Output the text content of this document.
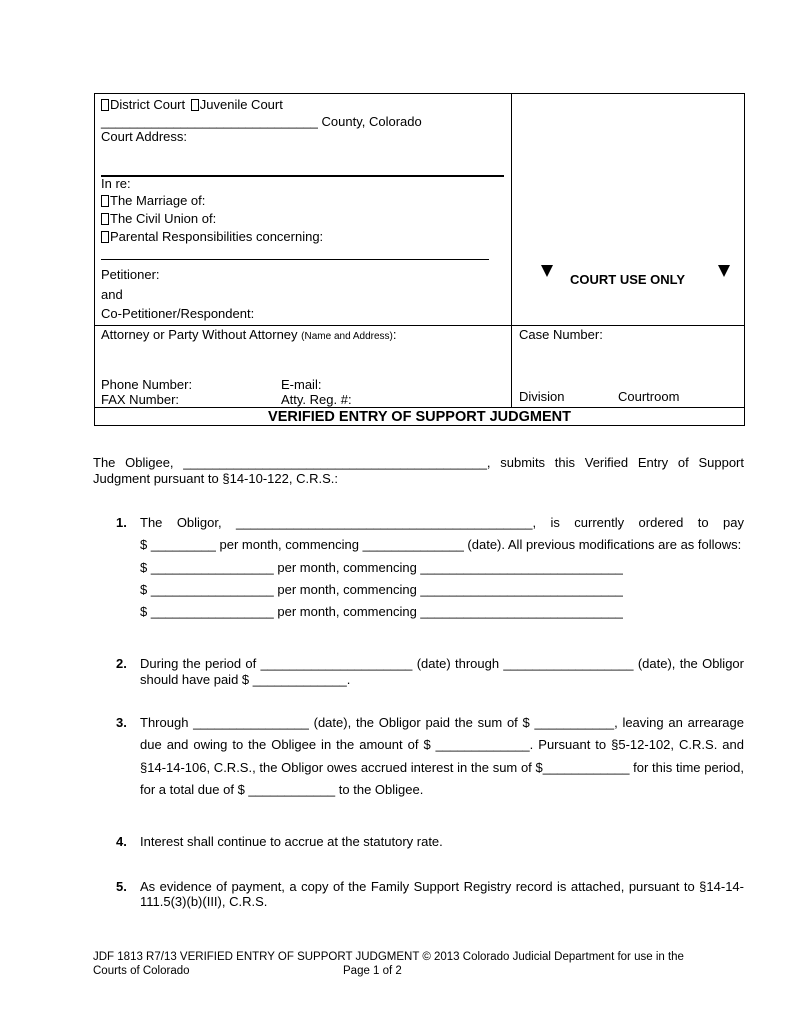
District Court Juvenile Court
______________________________ County, Colorado
Court Address:
In re:
The Marriage of:
The Civil Union of:
Parental Responsibilities concerning:
Petitioner:
and
Co-Petitioner/Respondent:
COURT USE ONLY
Attorney or Party Without Attorney (Name and Address):
Phone Number:
FAX Number:
E-mail:
Atty. Reg. #:
Case Number:
Division	Courtroom
VERIFIED ENTRY OF SUPPORT JUDGMENT
The Obligee, __________________________________________, submits this Verified Entry of Support
Judgment pursuant to §14-10-122, C.R.S.:
1. The Obligor, _________________________________________, is currently ordered to pay
$ _________ per month, commencing ______________ (date). All previous modifications are as follows:
$ _________________ per month, commencing ____________________________
$ _________________ per month, commencing ____________________________
$ _________________ per month, commencing ____________________________
2. During the period of _____________________ (date) through __________________ (date), the Obligor
should have paid $ _____________.
3. Through ________________ (date), the Obligor paid the sum of $ ___________, leaving an arrearage
due and owing to the Obligee in the amount of $ _____________. Pursuant to §5-12-102, C.R.S. and
§14-14-106, C.R.S., the Obligor owes accrued interest in the sum of $____________ for this time period,
for a total due of $ ____________ to the Obligee.
4. Interest shall continue to accrue at the statutory rate.
5. As evidence of payment, a copy of the Family Support Registry record is attached, pursuant to §14-14-
111.5(3)(b)(III), C.R.S.
JDF 1813 R7/13 VERIFIED ENTRY OF SUPPORT JUDGMENT © 2013 Colorado Judicial Department for use in the
Courts of Colorado	Page 1 of 2
